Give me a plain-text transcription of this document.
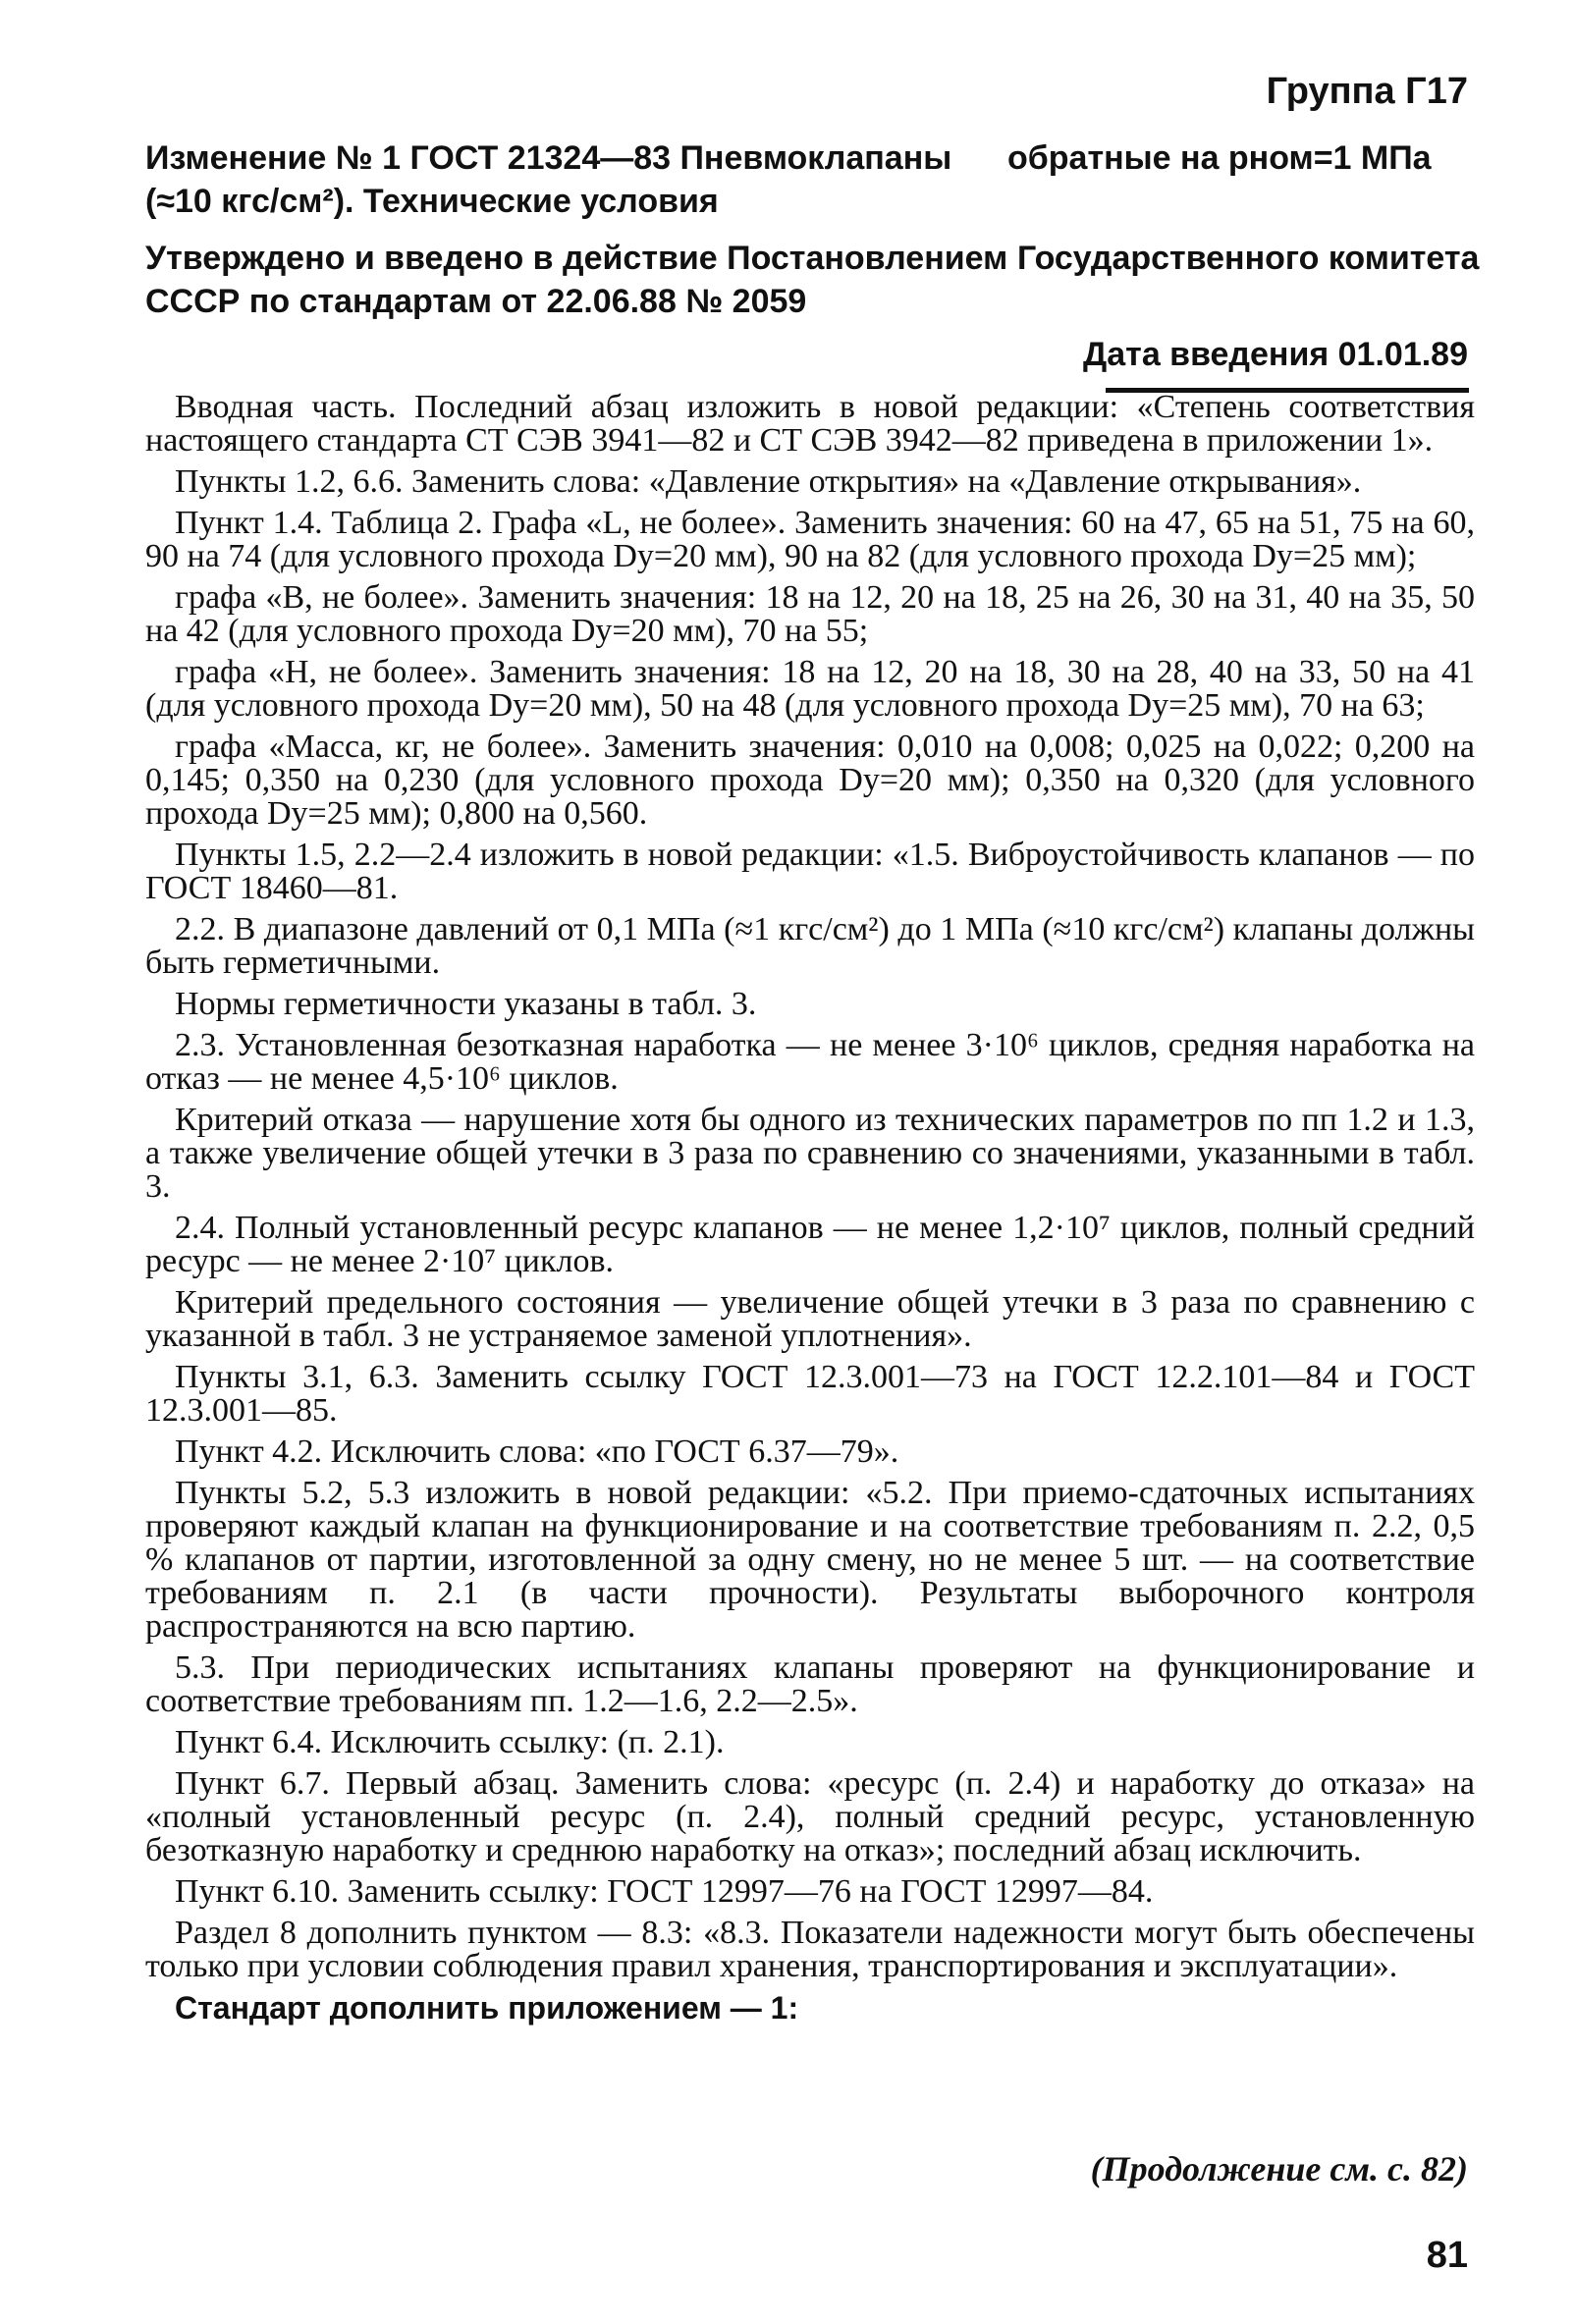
Группа Г17
Изменение № 1 ГОСТ 21324—83 Пневмоклапаны обратные на pном=1 МПа
(≈10 кгс/см²). Технические условия
Утверждено и введено в действие Постановлением Государственного комитета
СССР по стандартам от 22.06.88 № 2059
Дата введения 01.01.89

Вводная часть. Последний абзац изложить в новой редакции: «Степень соответствия настоящего стандарта СТ СЭВ 3941—82 и СТ СЭВ 3942—82 приведена в приложении 1».

Пункты 1.2, 6.6. Заменить слова: «Давление открытия» на «Давление открывания».

Пункт 1.4. Таблица 2. Графа «L, не более». Заменить значения: 60 на 47, 65 на 51, 75 на 60, 90 на 74 (для условного прохода Dу=20 мм), 90 на 82 (для условного прохода Dу=25 мм);

графа «B, не более». Заменить значения: 18 на 12, 20 на 18, 25 на 26, 30 на 31, 40 на 35, 50 на 42 (для условного прохода Dу=20 мм), 70 на 55;

графа «H, не более». Заменить значения: 18 на 12, 20 на 18, 30 на 28, 40 на 33, 50 на 41 (для условного прохода Dу=20 мм), 50 на 48 (для условного прохода Dу=25 мм), 70 на 63;

графа «Масса, кг, не более». Заменить значения: 0,010 на 0,008; 0,025 на 0,022; 0,200 на 0,145; 0,350 на 0,230 (для условного прохода Dу=20 мм); 0,350 на 0,320 (для условного прохода Dу=25 мм); 0,800 на 0,560.

Пункты 1.5, 2.2—2.4 изложить в новой редакции: «1.5. Виброустойчивость клапанов — по ГОСТ 18460—81.

2.2. В диапазоне давлений от 0,1 МПа (≈1 кгс/см²) до 1 МПа (≈10 кгс/см²) клапаны должны быть герметичными.

Нормы герметичности указаны в табл. 3.

2.3. Установленная безотказная наработка — не менее 3·10⁶ циклов, средняя наработка на отказ — не менее 4,5·10⁶ циклов.

Критерий отказа — нарушение хотя бы одного из технических параметров по пп 1.2 и 1.3, а также увеличение общей утечки в 3 раза по сравнению со значениями, указанными в табл. 3.

2.4. Полный установленный ресурс клапанов — не менее 1,2·10⁷ циклов, полный средний ресурс — не менее 2·10⁷ циклов.

Критерий предельного состояния — увеличение общей утечки в 3 раза по сравнению с указанной в табл. 3 не устраняемое заменой уплотнения».

Пункты 3.1, 6.3. Заменить ссылку ГОСТ 12.3.001—73 на ГОСТ 12.2.101—84 и ГОСТ 12.3.001—85.

Пункт 4.2. Исключить слова: «по ГОСТ 6.37—79».

Пункты 5.2, 5.3 изложить в новой редакции: «5.2. При приемо-сдаточных испытаниях проверяют каждый клапан на функционирование и на соответствие требованиям п. 2.2, 0,5 % клапанов от партии, изготовленной за одну смену, но не менее 5 шт. — на соответствие требованиям п. 2.1 (в части прочности). Результаты выборочного контроля распространяются на всю партию.

5.3. При периодических испытаниях клапаны проверяют на функционирование и соответствие требованиям пп. 1.2—1.6, 2.2—2.5».

Пункт 6.4. Исключить ссылку: (п. 2.1).

Пункт 6.7. Первый абзац. Заменить слова: «ресурс (п. 2.4) и наработку до отказа» на «полный установленный ресурс (п. 2.4), полный средний ресурс, установленную безотказную наработку и среднюю наработку на отказ»; последний абзац исключить.

Пункт 6.10. Заменить ссылку: ГОСТ 12997—76 на ГОСТ 12997—84.

Раздел 8 дополнить пунктом — 8.3: «8.3. Показатели надежности могут быть обеспечены только при условии соблюдения правил хранения, транспортирования и эксплуатации».

Стандарт дополнить приложением — 1:

(Продолжение см. с. 82)
81
